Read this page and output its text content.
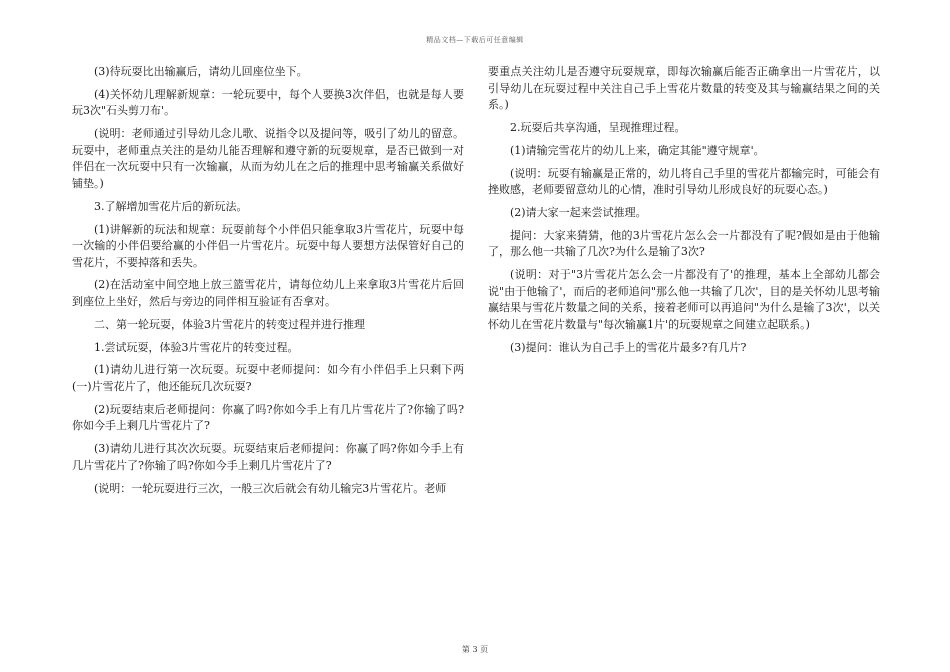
精品文档—下载后可任意编辑

(3)待玩耍比出输赢后，请幼儿回座位坐下。

(4)关怀幼儿理解新规章：一轮玩要中，每个人要换3次伴侣，也就是每人要玩3次"石头剪刀布'。

(说明：老师通过引导幼儿念儿歌、说指令以及提问等，吸引了幼儿的留意。玩耍中，老师重点关注的是幼儿能否理解和遵守新的玩耍规章，是否已做到一对伴侣在一次玩耍中只有一次输赢，从而为幼儿在之后的推理中思考输赢关系做好铺垫。)

3.了解增加雪花片后的新玩法。

(1)讲解新的玩法和规章：玩耍前每个小伴侣只能拿取3片雪花片，玩耍中每一次输的小伴侣要给赢的小伴侣一片雪花片。玩耍中每人要想方法保管好自己的雪花片，不要掉落和丢失。

(2)在活动室中间空地上放三篮雪花片，请每位幼儿上来拿取3片雪花片后回到座位上坐好，然后与旁边的同伴相互验证有否拿对。

二、第一轮玩耍，体验3片雪花片的转变过程并进行推理

1.尝试玩耍，体验3片雪花片的转变过程。

(1)请幼儿进行第一次玩耍。玩耍中老师提问：如今有小伴侣手上只剩下两(一)片雪花片了，他还能玩几次玩耍?

(2)玩耍结束后老师提问：你赢了吗?你如今手上有几片雪花片了?你输了吗?你如今手上剩几片雪花片了?

(3)请幼儿进行其次次玩耍。玩耍结束后老师提问：你赢了吗?你如今手上有几片雪花片了?你输了吗?你如今手上剩几片雪花片了?

(说明：一轮玩耍进行三次，一般三次后就会有幼儿输完3片雪花片。老师

要重点关注幼儿是否遵守玩耍规章，即每次输赢后能否正确拿出一片雪花片，以引导幼儿在玩耍过程中关注自己手上雪花片数量的转变及其与输赢结果之间的关系。)

2.玩耍后共享沟通，呈现推理过程。

(1)请输完雪花片的幼儿上来，确定其能"遵守规章'。

(说明：玩耍有输赢是正常的，幼儿将自己手里的雪花片都输完时，可能会有挫败感，老师要留意幼儿的心情，准时引导幼儿形成良好的玩耍心态。)

(2)请大家一起来尝试推理。

提问：大家来猜猜，他的3片雪花片怎么会一片都没有了呢?假如是由于他输了，那么他一共输了几次?为什么是输了3次?

(说明：对于"3片雪花片怎么会一片都没有了'的推理，基本上全部幼儿都会说"由于他输了'，而后的老师追问"那么他一共输了几次'，目的是关怀幼儿思考输赢结果与雪花片数量之间的关系，接着老师可以再追问"为什么是输了3次'，以关怀幼儿在雪花片数量与"每次输赢1片'的玩耍规章之间建立起联系。)

(3)提问：谁认为自己手上的雪花片最多?有几片?

第 3 页
